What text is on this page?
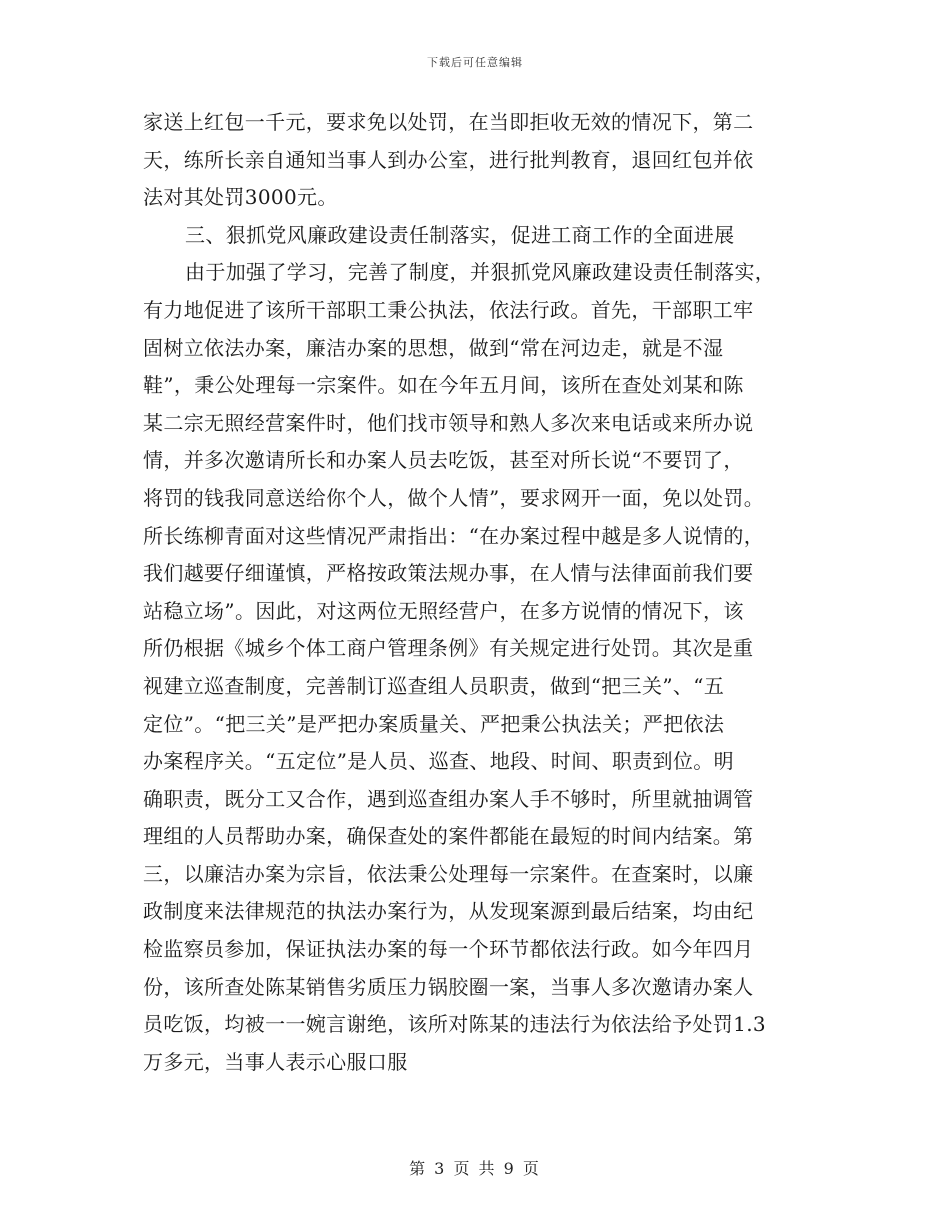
下载后可任意编辑
家送上红包一千元，要求免以处罚，在当即拒收无效的情况下，第二
天，练所长亲自通知当事人到办公室，进行批判教育，退回红包并依
法对其处罚3000元。
三、狠抓党风廉政建设责任制落实，促进工商工作的全面进展
由于加强了学习，完善了制度，并狠抓党风廉政建设责任制落实，
有力地促进了该所干部职工秉公执法，依法行政。首先，干部职工牢
固树立依法办案，廉洁办案的思想，做到“常在河边走，就是不湿
鞋”，秉公处理每一宗案件。如在今年五月间，该所在查处刘某和陈
某二宗无照经营案件时，他们找市领导和熟人多次来电话或来所办说
情，并多次邀请所长和办案人员去吃饭，甚至对所长说“不要罚了，
将罚的钱我同意送给你个人，做个人情”，要求网开一面，免以处罚。
所长练柳青面对这些情况严肃指出：“在办案过程中越是多人说情的，
我们越要仔细谨慎，严格按政策法规办事，在人情与法律面前我们要
站稳立场”。因此，对这两位无照经营户，在多方说情的情况下，该
所仍根据《城乡个体工商户管理条例》有关规定进行处罚。其次是重
视建立巡查制度，完善制订巡查组人员职责，做到“把三关”、“五
定位”。“把三关”是严把办案质量关、严把秉公执法关；严把依法
办案程序关。“五定位”是人员、巡查、地段、时间、职责到位。明
确职责，既分工又合作，遇到巡查组办案人手不够时，所里就抽调管
理组的人员帮助办案，确保查处的案件都能在最短的时间内结案。第
三，以廉洁办案为宗旨，依法秉公处理每一宗案件。在查案时，以廉
政制度来法律规范的执法办案行为，从发现案源到最后结案，均由纪
检监察员参加，保证执法办案的每一个环节都依法行政。如今年四月
份，该所查处陈某销售劣质压力锅胶圈一案，当事人多次邀请办案人
员吃饭，均被一一婉言谢绝，该所对陈某的违法行为依法给予处罚1.3
万多元，当事人表示心服口服
第 3 页 共 9 页
